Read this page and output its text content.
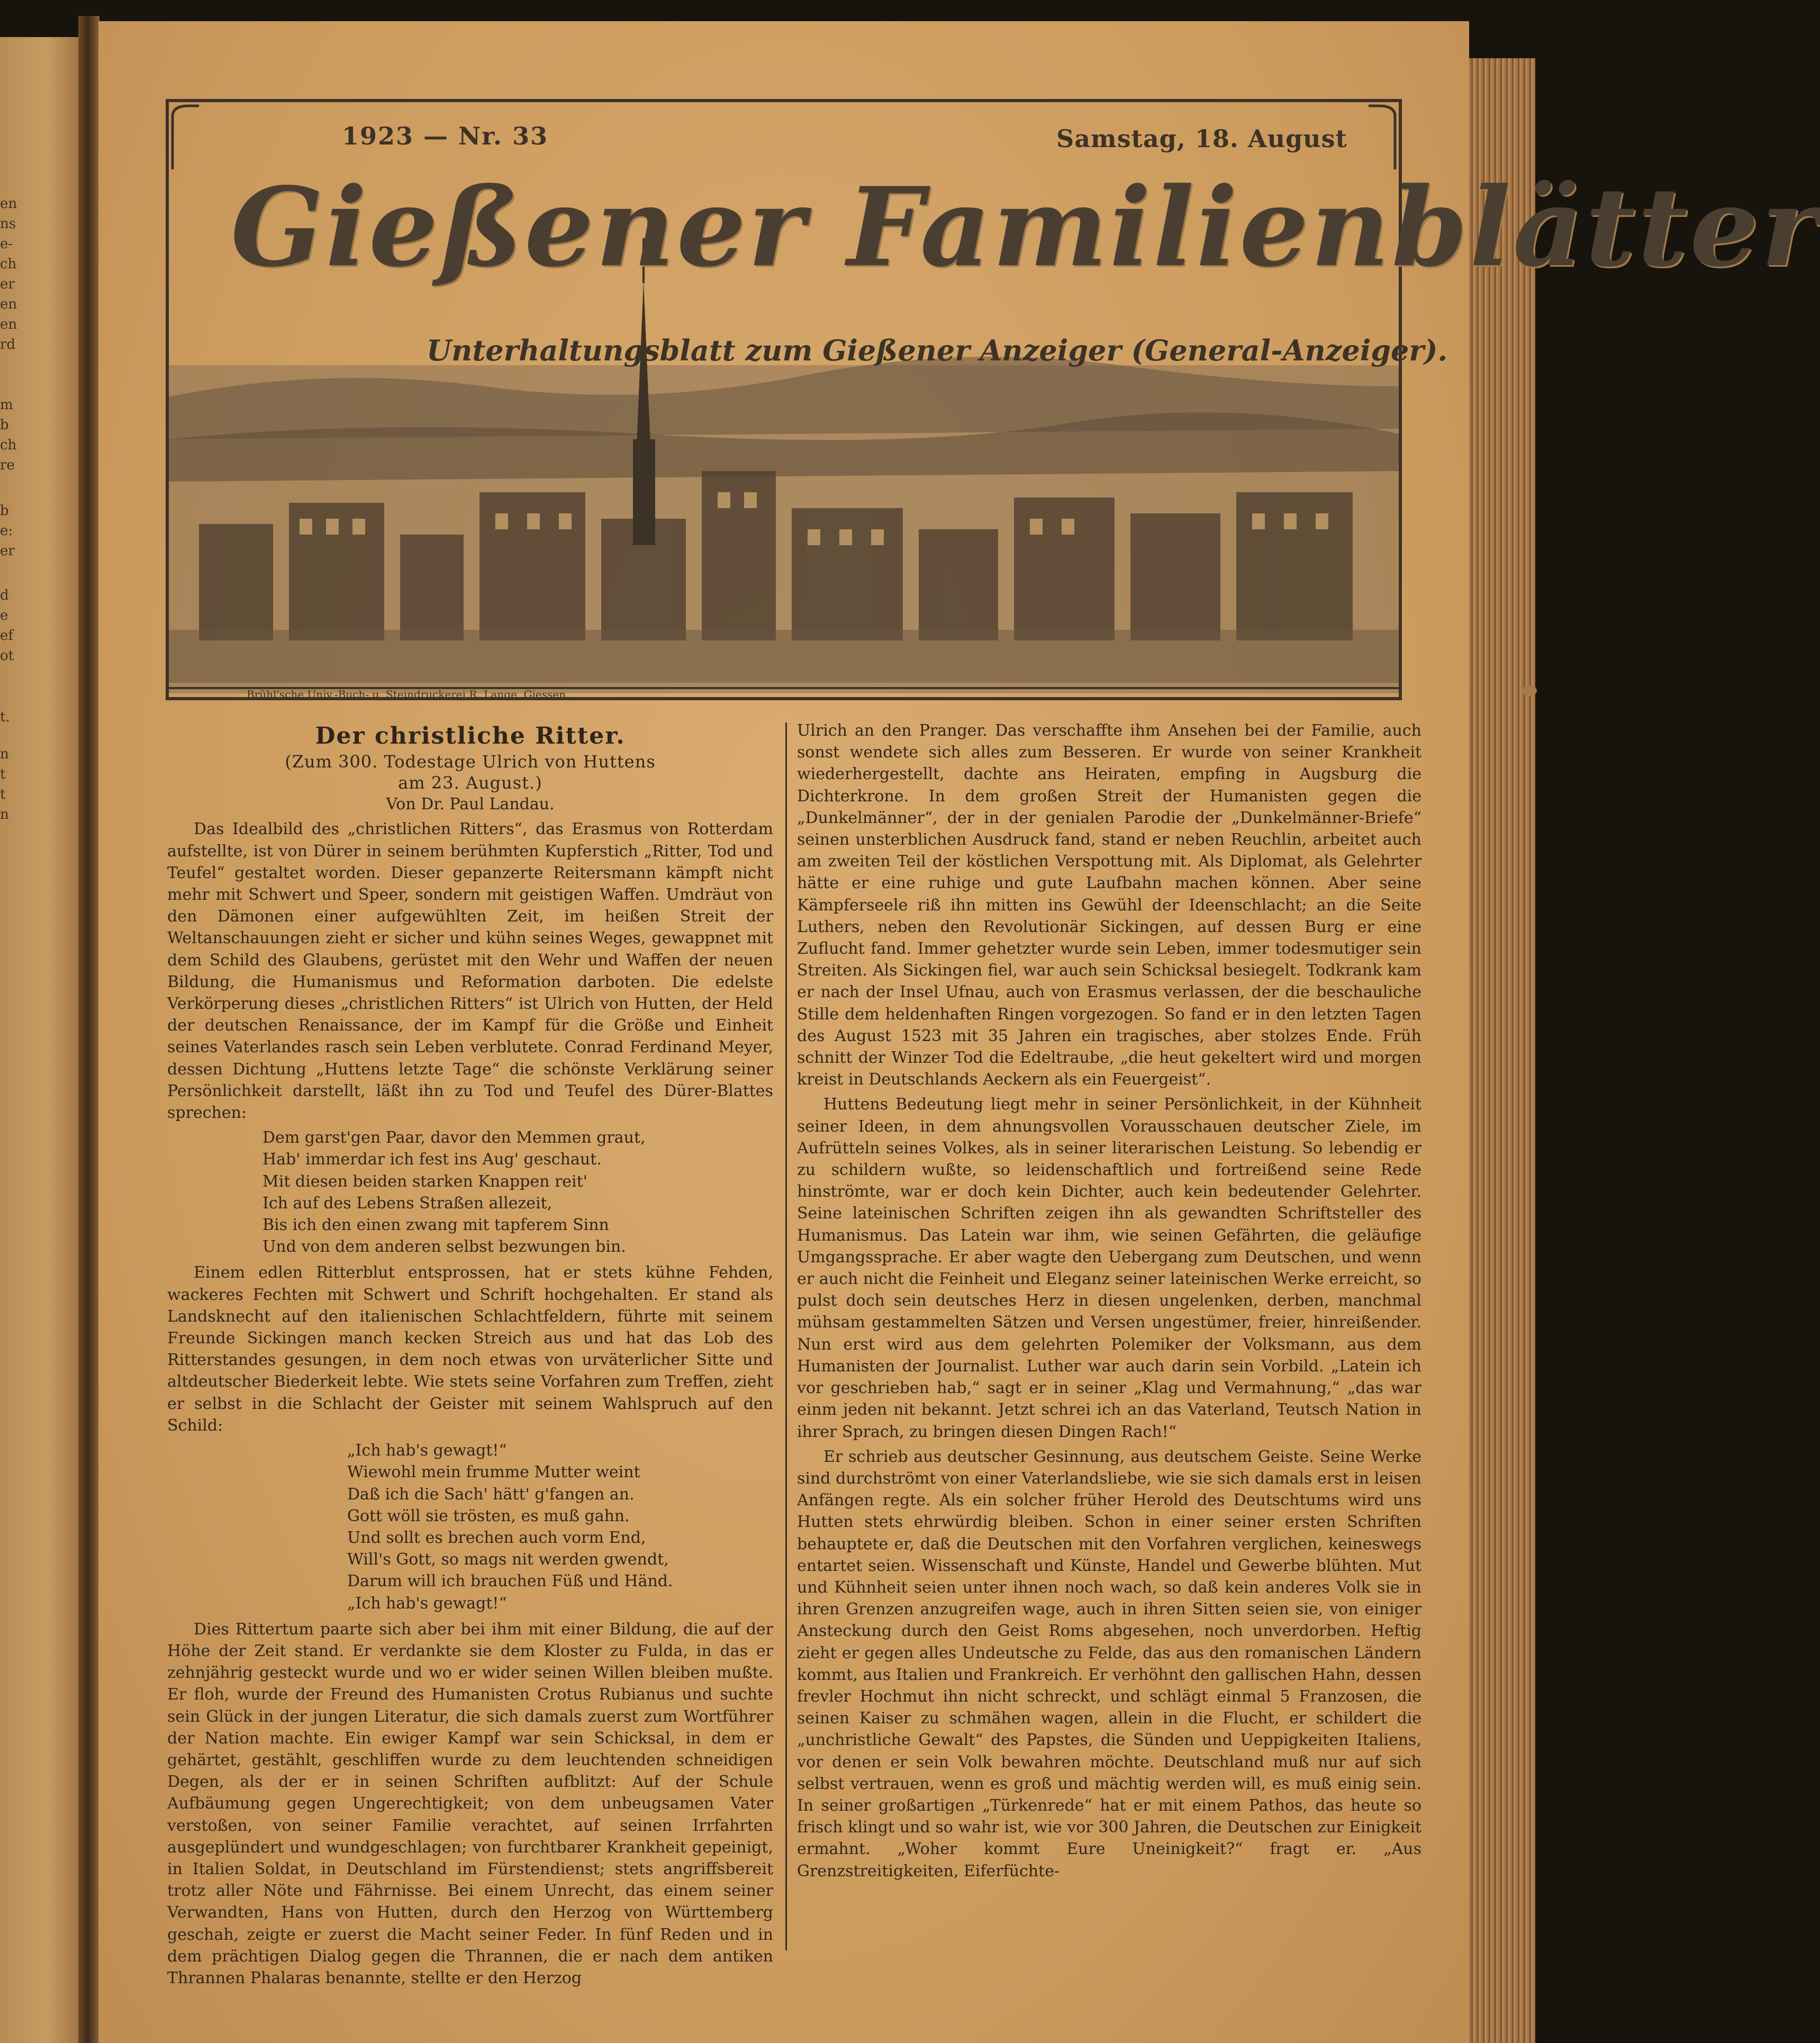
en
ns
e-
ch
er
en
en
rd
m
b
ch
re
b
e:
er
d
e
ef
ot
t.
n
t
t
n
1923 — Nr. 33	Samstag, 18. August
Gießener Familienblätter
Unterhaltungsblatt zum Gießener Anzeiger (General-Anzeiger).
Brühl'sche Univ.-Buch- u. Steindruckerei R. Lange, Giessen
Der christliche Ritter.
(Zum 300. Todestage Ulrich von Huttens
am 23. August.)
Von Dr. Paul Landau.

Das Idealbild des „christlichen Ritters“, das Erasmus von Rotterdam aufstellte, ist von Dürer in seinem berühmten Kupferstich „Ritter, Tod und Teufel“ gestaltet worden. Dieser gepanzerte Reitersmann kämpft nicht mehr mit Schwert und Speer, sondern mit geistigen Waffen. Umdräut von den Dämonen einer aufgewühlten Zeit, im heißen Streit der Weltanschauungen zieht er sicher und kühn seines Weges, gewappnet mit dem Schild des Glaubens, gerüstet mit den Wehr und Waffen der neuen Bildung, die Humanismus und Reformation darboten. Die edelste Verkörperung dieses „christlichen Ritters“ ist Ulrich von Hutten, der Held der deutschen Renaissance, der im Kampf für die Größe und Einheit seines Vaterlandes rasch sein Leben verblutete. Conrad Ferdinand Meyer, dessen Dichtung „Huttens letzte Tage“ die schönste Verklärung seiner Persönlichkeit darstellt, läßt ihn zu Tod und Teufel des Dürer-Blattes sprechen:

Dem garst'gen Paar, davor den Memmen graut,
Hab' immerdar ich fest ins Aug' geschaut.
Mit diesen beiden starken Knappen reit'
Ich auf des Lebens Straßen allezeit,
Bis ich den einen zwang mit tapferem Sinn
Und von dem anderen selbst bezwungen bin.

Einem edlen Ritterblut entsprossen, hat er stets kühne Fehden, wackeres Fechten mit Schwert und Schrift hochgehalten. Er stand als Landsknecht auf den italienischen Schlachtfeldern, führte mit seinem Freunde Sickingen manch kecken Streich aus und hat das Lob des Ritterstandes gesungen, in dem noch etwas von urväterlicher Sitte und altdeutscher Biederkeit lebte. Wie stets seine Vorfahren zum Treffen, zieht er selbst in die Schlacht der Geister mit seinem Wahlspruch auf den Schild:

„Ich hab's gewagt!“
Wiewohl mein frumme Mutter weint
Daß ich die Sach' hätt' g'fangen an.
Gott wöll sie trösten, es muß gahn.
Und sollt es brechen auch vorm End,
Will's Gott, so mags nit werden gwendt,
Darum will ich brauchen Füß und Händ.
„Ich hab's gewagt!“

Dies Rittertum paarte sich aber bei ihm mit einer Bildung, die auf der Höhe der Zeit stand. Er verdankte sie dem Kloster zu Fulda, in das er zehnjährig gesteckt wurde und wo er wider seinen Willen bleiben mußte. Er floh, wurde der Freund des Humanisten Crotus Rubianus und suchte sein Glück in der jungen Literatur, die sich damals zuerst zum Wortführer der Nation machte. Ein ewiger Kampf war sein Schicksal, in dem er gehärtet, gestählt, geschliffen wurde zu dem leuchtenden schneidigen Degen, als der er in seinen Schriften aufblitzt: Auf der Schule Aufbäumung gegen Ungerechtigkeit; von dem unbeugsamen Vater verstoßen, von seiner Familie verachtet, auf seinen Irrfahrten ausgeplündert und wundgeschlagen; von furchtbarer Krankheit gepeinigt, in Italien Soldat, in Deutschland im Fürstendienst; stets angriffsbereit trotz aller Nöte und Fährnisse. Bei einem Unrecht, das einem seiner Verwandten, Hans von Hutten, durch den Herzog von Württemberg geschah, zeigte er zuerst die Macht seiner Feder. In fünf Reden und in dem prächtigen Dialog gegen die Thrannen, die er nach dem antiken Thrannen Phalaras benannte, stellte er den Herzog

Ulrich an den Pranger. Das verschaffte ihm Ansehen bei der Familie, auch sonst wendete sich alles zum Besseren. Er wurde von seiner Krankheit wiederhergestellt, dachte ans Heiraten, empfing in Augsburg die Dichterkrone. In dem großen Streit der Humanisten gegen die „Dunkelmänner“, der in der genialen Parodie der „Dunkelmänner-Briefe“ seinen unsterblichen Ausdruck fand, stand er neben Reuchlin, arbeitet auch am zweiten Teil der köstlichen Verspottung mit. Als Diplomat, als Gelehrter hätte er eine ruhige und gute Laufbahn machen können. Aber seine Kämpferseele riß ihn mitten ins Gewühl der Ideenschlacht; an die Seite Luthers, neben den Revolutionär Sickingen, auf dessen Burg er eine Zuflucht fand. Immer gehetzter wurde sein Leben, immer todesmutiger sein Streiten. Als Sickingen fiel, war auch sein Schicksal besiegelt. Todkrank kam er nach der Insel Ufnau, auch von Erasmus verlassen, der die beschauliche Stille dem heldenhaften Ringen vorgezogen. So fand er in den letzten Tagen des August 1523 mit 35 Jahren ein tragisches, aber stolzes Ende. Früh schnitt der Winzer Tod die Edeltraube, „die heut gekeltert wird und morgen kreist in Deutschlands Aeckern als ein Feuergeist“.

Huttens Bedeutung liegt mehr in seiner Persönlichkeit, in der Kühnheit seiner Ideen, in dem ahnungsvollen Vorausschauen deutscher Ziele, im Aufrütteln seines Volkes, als in seiner literarischen Leistung. So lebendig er zu schildern wußte, so leidenschaftlich und fortreißend seine Rede hinströmte, war er doch kein Dichter, auch kein bedeutender Gelehrter. Seine lateinischen Schriften zeigen ihn als gewandten Schriftsteller des Humanismus. Das Latein war ihm, wie seinen Gefährten, die geläufige Umgangssprache. Er aber wagte den Uebergang zum Deutschen, und wenn er auch nicht die Feinheit und Eleganz seiner lateinischen Werke erreicht, so pulst doch sein deutsches Herz in diesen ungelenken, derben, manchmal mühsam gestammelten Sätzen und Versen ungestümer, freier, hinreißender. Nun erst wird aus dem gelehrten Polemiker der Volksmann, aus dem Humanisten der Journalist. Luther war auch darin sein Vorbild. „Latein ich vor geschrieben hab,“ sagt er in seiner „Klag und Vermahnung,“ „das war einm jeden nit bekannt. Jetzt schrei ich an das Vaterland, Teutsch Nation in ihrer Sprach, zu bringen diesen Dingen Rach!“

Er schrieb aus deutscher Gesinnung, aus deutschem Geiste. Seine Werke sind durchströmt von einer Vaterlandsliebe, wie sie sich damals erst in leisen Anfängen regte. Als ein solcher früher Herold des Deutschtums wird uns Hutten stets ehrwürdig bleiben. Schon in einer seiner ersten Schriften behauptete er, daß die Deutschen mit den Vorfahren verglichen, keineswegs entartet seien. Wissenschaft und Künste, Handel und Gewerbe blühten. Mut und Kühnheit seien unter ihnen noch wach, so daß kein anderes Volk sie in ihren Grenzen anzugreifen wage, auch in ihren Sitten seien sie, von einiger Ansteckung durch den Geist Roms abgesehen, noch unverdorben. Heftig zieht er gegen alles Undeutsche zu Felde, das aus den romanischen Ländern kommt, aus Italien und Frankreich. Er verhöhnt den gallischen Hahn, dessen frevler Hochmut ihn nicht schreckt, und schlägt einmal 5 Franzosen, die seinen Kaiser zu schmähen wagen, allein in die Flucht, er schildert die „unchristliche Gewalt“ des Papstes, die Sünden und Ueppigkeiten Italiens, vor denen er sein Volk bewahren möchte. Deutschland muß nur auf sich selbst vertrauen, wenn es groß und mächtig werden will, es muß einig sein. In seiner großartigen „Türkenrede“ hat er mit einem Pathos, das heute so frisch klingt und so wahr ist, wie vor 300 Jahren, die Deutschen zur Einigkeit ermahnt. „Woher kommt Eure Uneinigkeit?“ fragt er. „Aus Grenzstreitigkeiten, Eiferfüchte-
